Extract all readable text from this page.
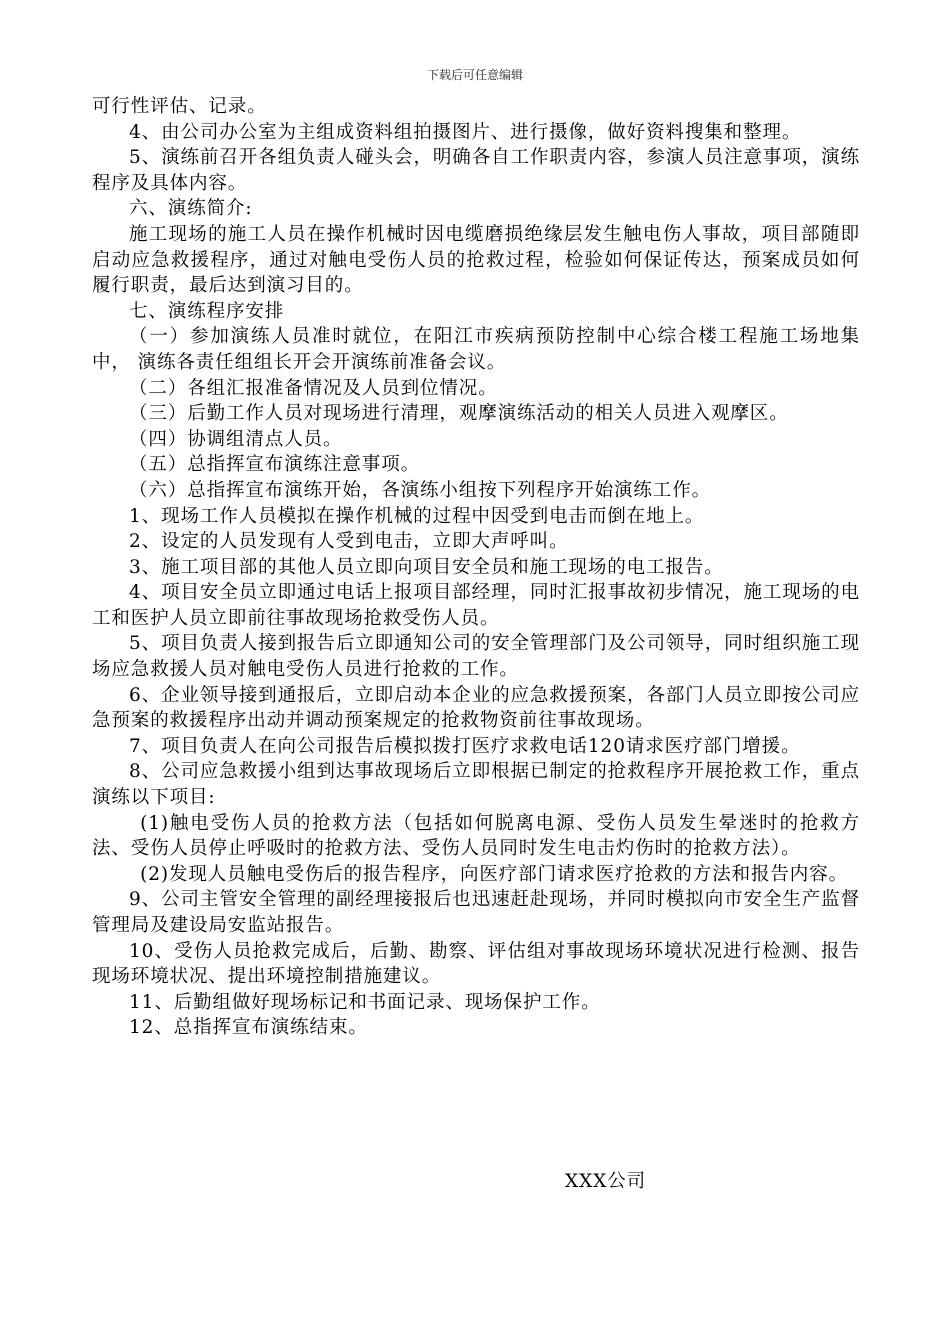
下载后可任意编辑
可行性评估、记录。
4、由公司办公室为主组成资料组拍摄图片、进行摄像，做好资料搜集和整理。
5、演练前召开各组负责人碰头会，明确各自工作职责内容，参演人员注意事项，演练程序及具体内容。
六、演练简介:
施工现场的施工人员在操作机械时因电缆磨损绝缘层发生触电伤人事故，项目部随即启动应急救援程序，通过对触电受伤人员的抢救过程，检验如何保证传达，预案成员如何履行职责，最后达到演习目的。
七、演练程序安排
（一）参加演练人员准时就位，在阳江市疾病预防控制中心综合楼工程施工场地集中， 演练各责任组组长开会开演练前准备会议。
（二）各组汇报准备情况及人员到位情况。
（三）后勤工作人员对现场进行清理，观摩演练活动的相关人员进入观摩区。
（四）协调组清点人员。
（五）总指挥宣布演练注意事项。
（六）总指挥宣布演练开始，各演练小组按下列程序开始演练工作。
1、现场工作人员模拟在操作机械的过程中因受到电击而倒在地上。
2、设定的人员发现有人受到电击，立即大声呼叫。
3、施工项目部的其他人员立即向项目安全员和施工现场的电工报告。
4、项目安全员立即通过电话上报项目部经理，同时汇报事故初步情况，施工现场的电工和医护人员立即前往事故现场抢救受伤人员。
5、项目负责人接到报告后立即通知公司的安全管理部门及公司领导，同时组织施工现场应急救援人员对触电受伤人员进行抢救的工作。
6、企业领导接到通报后，立即启动本企业的应急救援预案，各部门人员立即按公司应急预案的救援程序出动并调动预案规定的抢救物资前往事故现场。
7、项目负责人在向公司报告后模拟拨打医疗求救电话120请求医疗部门增援。
8、公司应急救援小组到达事故现场后立即根据已制定的抢救程序开展抢救工作，重点演练以下项目:
(1)触电受伤人员的抢救方法（包括如何脱离电源、受伤人员发生晕迷时的抢救方法、受伤人员停止呼吸时的抢救方法、受伤人员同时发生电击灼伤时的抢救方法）。
(2)发现人员触电受伤后的报告程序，向医疗部门请求医疗抢救的方法和报告内容。
9、公司主管安全管理的副经理接报后也迅速赶赴现场，并同时模拟向市安全生产监督管理局及建设局安监站报告。
10、受伤人员抢救完成后，后勤、勘察、评估组对事故现场环境状况进行检测、报告现场环境状况、提出环境控制措施建议。
11、后勤组做好现场标记和书面记录、现场保护工作。
12、总指挥宣布演练结束。
XXX公司
